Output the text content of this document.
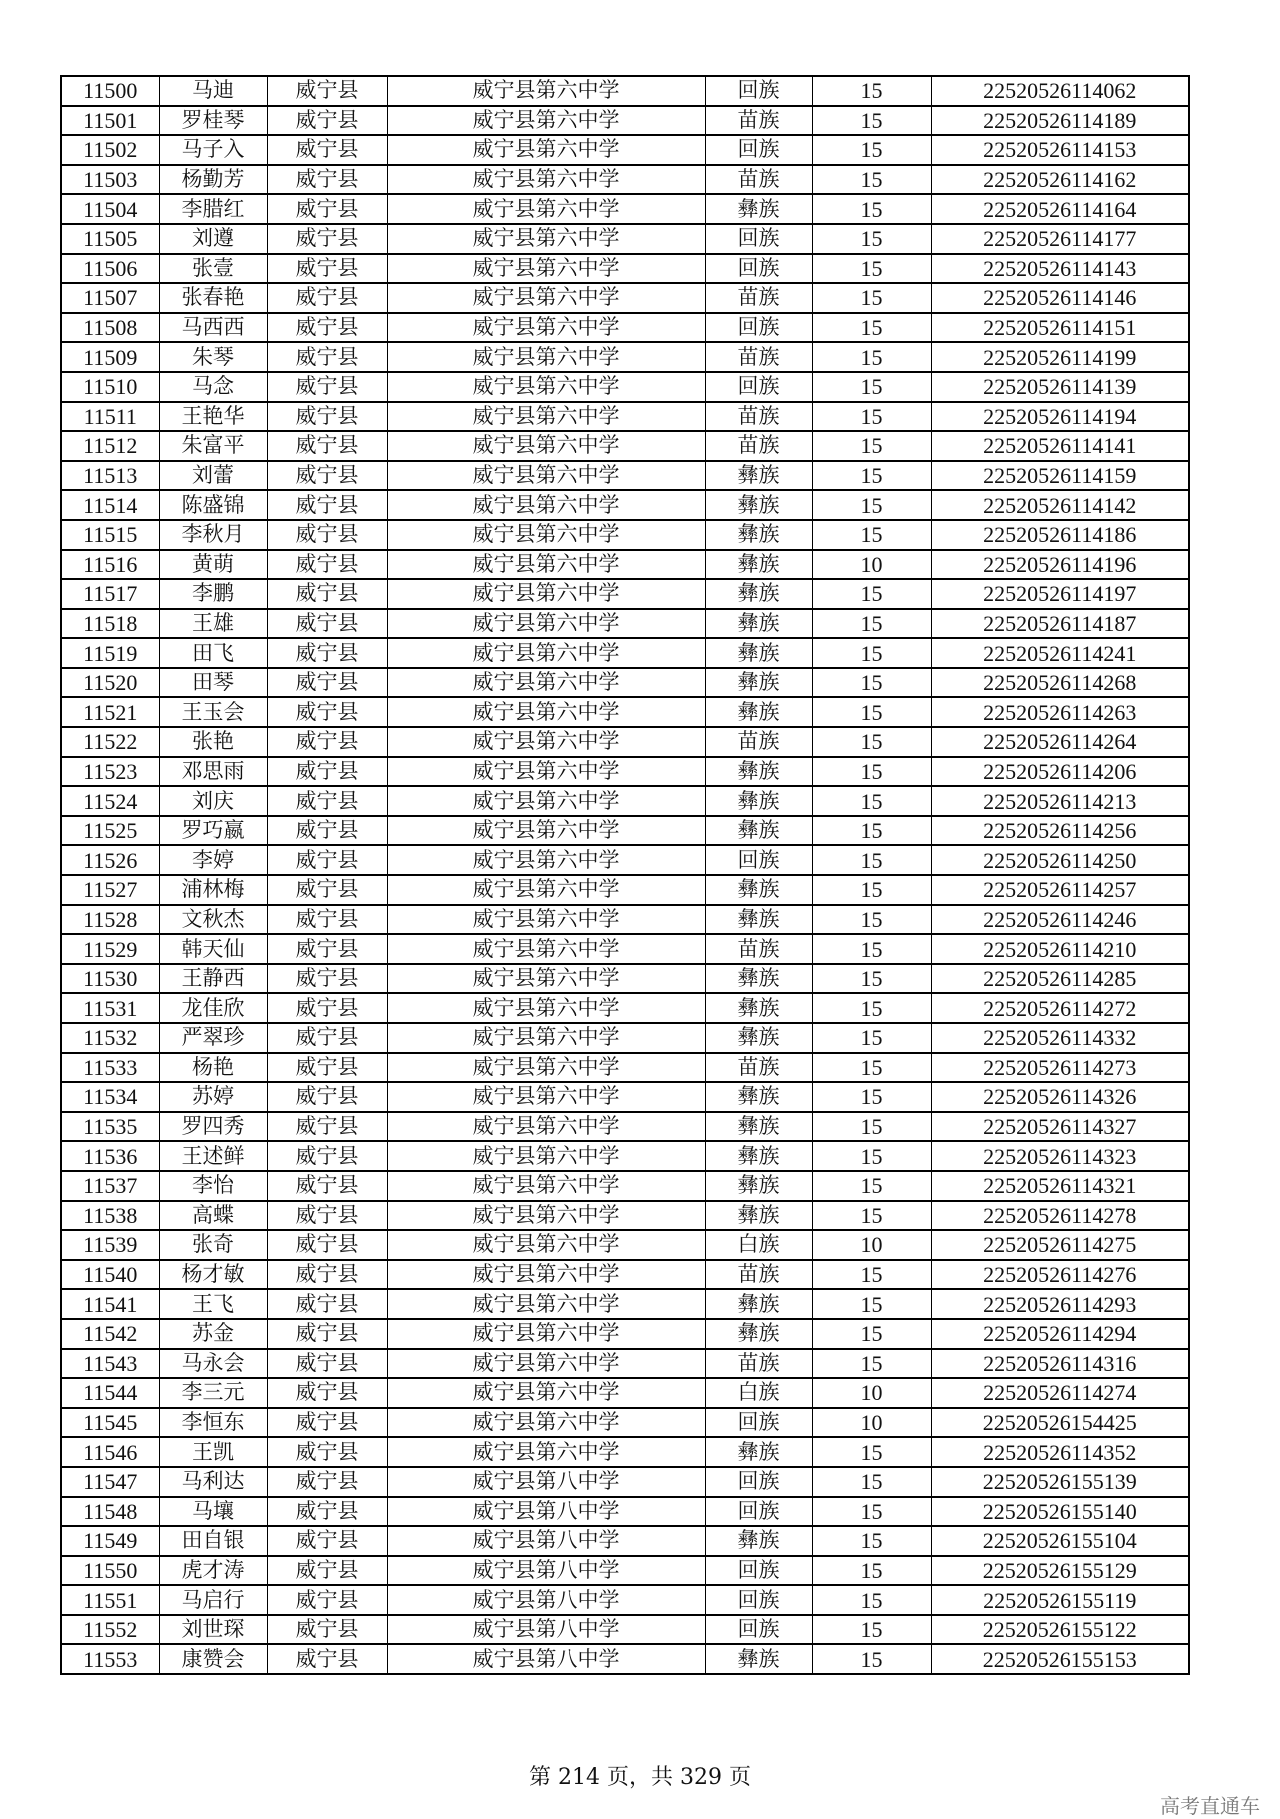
11500	马迪	威宁县	威宁县第六中学	回族	15	22520526114062
11501	罗桂琴	威宁县	威宁县第六中学	苗族	15	22520526114189
11502	马子入	威宁县	威宁县第六中学	回族	15	22520526114153
11503	杨勤芳	威宁县	威宁县第六中学	苗族	15	22520526114162
11504	李腊红	威宁县	威宁县第六中学	彝族	15	22520526114164
11505	刘遵	威宁县	威宁县第六中学	回族	15	22520526114177
11506	张壹	威宁县	威宁县第六中学	回族	15	22520526114143
11507	张春艳	威宁县	威宁县第六中学	苗族	15	22520526114146
11508	马西西	威宁县	威宁县第六中学	回族	15	22520526114151
11509	朱琴	威宁县	威宁县第六中学	苗族	15	22520526114199
11510	马念	威宁县	威宁县第六中学	回族	15	22520526114139
11511	王艳华	威宁县	威宁县第六中学	苗族	15	22520526114194
11512	朱富平	威宁县	威宁县第六中学	苗族	15	22520526114141
11513	刘蕾	威宁县	威宁县第六中学	彝族	15	22520526114159
11514	陈盛锦	威宁县	威宁县第六中学	彝族	15	22520526114142
11515	李秋月	威宁县	威宁县第六中学	彝族	15	22520526114186
11516	黄萌	威宁县	威宁县第六中学	彝族	10	22520526114196
11517	李鹏	威宁县	威宁县第六中学	彝族	15	22520526114197
11518	王雄	威宁县	威宁县第六中学	彝族	15	22520526114187
11519	田飞	威宁县	威宁县第六中学	彝族	15	22520526114241
11520	田琴	威宁县	威宁县第六中学	彝族	15	22520526114268
11521	王玉会	威宁县	威宁县第六中学	彝族	15	22520526114263
11522	张艳	威宁县	威宁县第六中学	苗族	15	22520526114264
11523	邓思雨	威宁县	威宁县第六中学	彝族	15	22520526114206
11524	刘庆	威宁县	威宁县第六中学	彝族	15	22520526114213
11525	罗巧嬴	威宁县	威宁县第六中学	彝族	15	22520526114256
11526	李婷	威宁县	威宁县第六中学	回族	15	22520526114250
11527	浦林梅	威宁县	威宁县第六中学	彝族	15	22520526114257
11528	文秋杰	威宁县	威宁县第六中学	彝族	15	22520526114246
11529	韩天仙	威宁县	威宁县第六中学	苗族	15	22520526114210
11530	王静西	威宁县	威宁县第六中学	彝族	15	22520526114285
11531	龙佳欣	威宁县	威宁县第六中学	彝族	15	22520526114272
11532	严翠珍	威宁县	威宁县第六中学	彝族	15	22520526114332
11533	杨艳	威宁县	威宁县第六中学	苗族	15	22520526114273
11534	苏婷	威宁县	威宁县第六中学	彝族	15	22520526114326
11535	罗四秀	威宁县	威宁县第六中学	彝族	15	22520526114327
11536	王述鲜	威宁县	威宁县第六中学	彝族	15	22520526114323
11537	李怡	威宁县	威宁县第六中学	彝族	15	22520526114321
11538	高蝶	威宁县	威宁县第六中学	彝族	15	22520526114278
11539	张奇	威宁县	威宁县第六中学	白族	10	22520526114275
11540	杨才敏	威宁县	威宁县第六中学	苗族	15	22520526114276
11541	王飞	威宁县	威宁县第六中学	彝族	15	22520526114293
11542	苏金	威宁县	威宁县第六中学	彝族	15	22520526114294
11543	马永会	威宁县	威宁县第六中学	苗族	15	22520526114316
11544	李三元	威宁县	威宁县第六中学	白族	10	22520526114274
11545	李恒东	威宁县	威宁县第六中学	回族	10	22520526154425
11546	王凯	威宁县	威宁县第六中学	彝族	15	22520526114352
11547	马利达	威宁县	威宁县第八中学	回族	15	22520526155139
11548	马壤	威宁县	威宁县第八中学	回族	15	22520526155140
11549	田自银	威宁县	威宁县第八中学	彝族	15	22520526155104
11550	虎才涛	威宁县	威宁县第八中学	回族	15	22520526155129
11551	马启行	威宁县	威宁县第八中学	回族	15	22520526155119
11552	刘世琛	威宁县	威宁县第八中学	回族	15	22520526155122
11553	康赞会	威宁县	威宁县第八中学	彝族	15	22520526155153
第 214 页，共 329 页
高考直通车
